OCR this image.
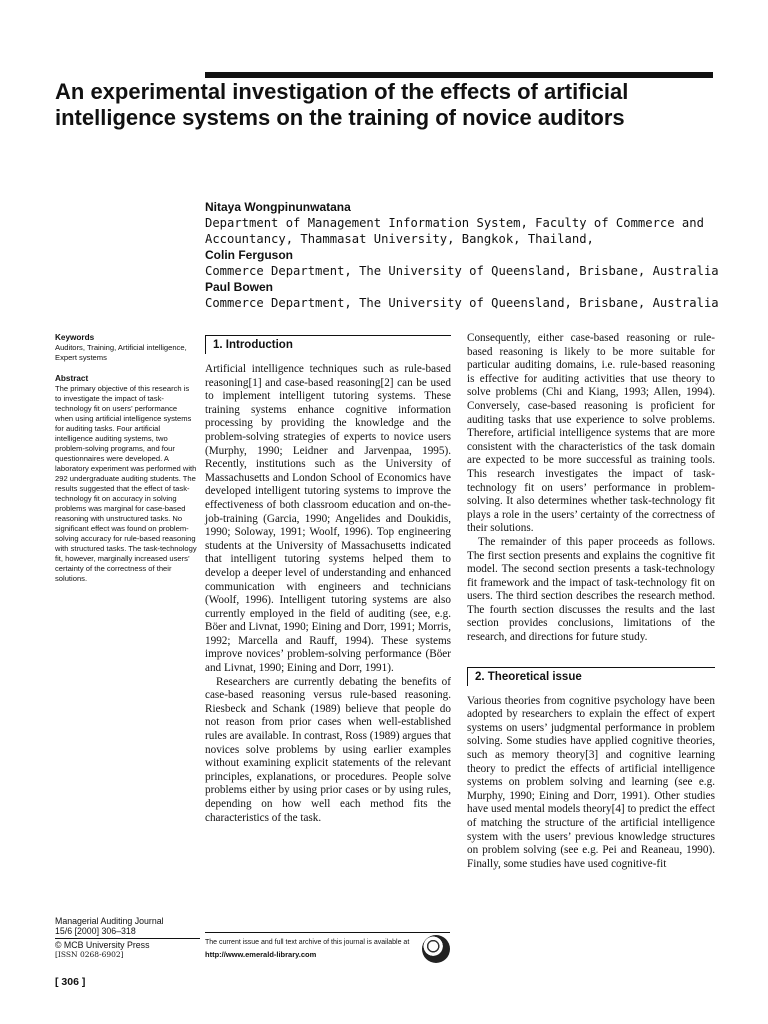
An experimental investigation of the effects of artificial intelligence systems on the training of novice auditors
Nitaya Wongpinunwatana
Department of Management Information System, Faculty of Commerce and Accountancy, Thammasat University, Bangkok, Thailand,
Colin Ferguson
Commerce Department, The University of Queensland, Brisbane, Australia
Paul Bowen
Commerce Department, The University of Queensland, Brisbane, Australia
Keywords

Auditors, Training, Artificial intelligence, Expert systems

Abstract

The primary objective of this research is to investigate the impact of task-technology fit on users’ performance when using artificial intelligence systems for auditing tasks. Four artificial intelligence auditing systems, two problem-solving programs, and four questionnaires were developed. A laboratory experiment was performed with 292 undergraduate auditing students. The results suggested that the effect of task-technology fit on accuracy in solving problems was marginal for case-based reasoning with unstructured tasks. No significant effect was found on problem-solving accuracy for rule-based reasoning with structured tasks. The task-technology fit, however, marginally increased users’ certainty of the correctness of their solutions.

1. Introduction

Artificial intelligence techniques such as rule-based reasoning[1] and case-based reasoning[2] can be used to implement intelligent tutoring systems. These training systems enhance cognitive information processing by providing the knowledge and the problem-solving strategies of experts to novice users (Murphy, 1990; Leidner and Jarvenpaa, 1995). Recently, institutions such as the University of Massachusetts and London School of Economics have developed intelligent tutoring systems to improve the effectiveness of both classroom education and on-the-job-training (Garcia, 1990; Angelides and Doukidis, 1990; Soloway, 1991; Woolf, 1996). Top engineering students at the University of Massachusetts indicated that intelligent tutoring systems helped them to develop a deeper level of understanding and enhanced communication with engineers and technicians (Woolf, 1996). Intelligent tutoring systems are also currently employed in the field of auditing (see, e.g. Böer and Livnat, 1990; Eining and Dorr, 1991; Morris, 1992; Marcella and Rauff, 1994). These systems improve novices’ problem-solving performance (Böer and Livnat, 1990; Eining and Dorr, 1991).

Researchers are currently debating the benefits of case-based reasoning versus rule-based reasoning. Riesbeck and Schank (1989) believe that people do not reason from prior cases when well-established rules are available. In contrast, Ross (1989) argues that novices solve problems by using earlier examples without examining explicit statements of the relevant principles, explanations, or procedures. People solve problems either by using prior cases or by using rules, depending on how well each method fits the characteristics of the task.

Consequently, either case-based reasoning or rule-based reasoning is likely to be more suitable for particular auditing domains, i.e. rule-based reasoning is effective for auditing activities that use theory to solve problems (Chi and Kiang, 1993; Allen, 1994). Conversely, case-based reasoning is proficient for auditing tasks that use experience to solve problems. Therefore, artificial intelligence systems that are more consistent with the characteristics of the task domain are expected to be more successful as training tools. This research investigates the impact of task-technology fit on users’ performance in problem-solving. It also determines whether task-technology fit plays a role in the users’ certainty of the correctness of their solutions.

The remainder of this paper proceeds as follows. The first section presents and explains the cognitive fit model. The second section presents a task-technology fit framework and the impact of task-technology fit on users. The third section describes the research method. The fourth section discusses the results and the last section provides conclusions, limitations of the research, and directions for future study.

2. Theoretical issue

Various theories from cognitive psychology have been adopted by researchers to explain the effect of expert systems on users’ judgmental performance in problem solving. Some studies have applied cognitive theories, such as memory theory[3] and cognitive learning theory to predict the effects of artificial intelligence systems on problem solving and learning (see e.g. Murphy, 1990; Eining and Dorr, 1991). Other studies have used mental models theory[4] to predict the effect of matching the structure of the artificial intelligence system with the users’ previous knowledge structures on problem solving (see e.g. Pei and Reaneau, 1990). Finally, some studies have used cognitive-fit

Managerial Auditing Journal
15/6 [2000] 306–318
© MCB University Press
[ISSN 0268-6902]
The current issue and full text archive of this journal is available at
http://www.emerald-library.com
[ 306 ]
